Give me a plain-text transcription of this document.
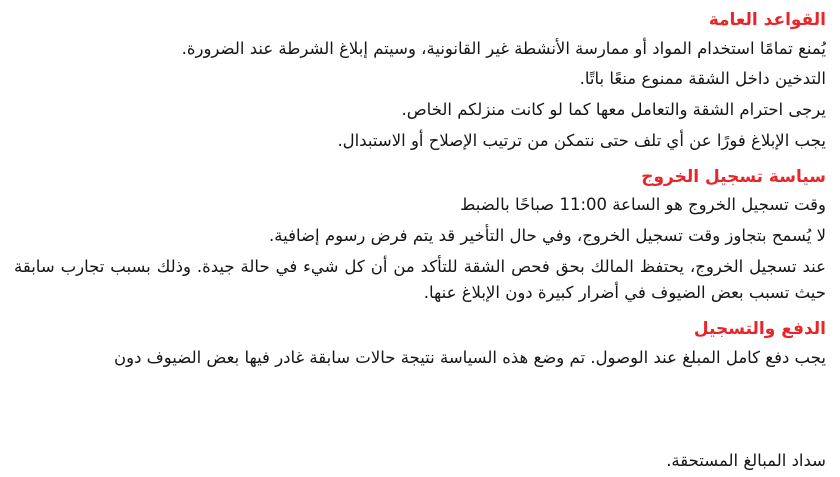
القواعد العامة
يُمنع تمامًا استخدام المواد أو ممارسة الأنشطة غير القانونية، وسيتم إبلاغ الشرطة عند الضرورة.
التدخين داخل الشقة ممنوع منعًا باتًا.
يرجى احترام الشقة والتعامل معها كما لو كانت منزلكم الخاص.
يجب الإبلاغ فورًا عن أي تلف حتى نتمكن من ترتيب الإصلاح أو الاستبدال.
سياسة تسجيل الخروج
وقت تسجيل الخروج هو الساعة 11:00 صباحًا بالضبط
لا يُسمح بتجاوز وقت تسجيل الخروج، وفي حال التأخير قد يتم فرض رسوم إضافية.
عند تسجيل الخروج، يحتفظ المالك بحق فحص الشقة للتأكد من أن كل شيء في حالة جيدة. وذلك بسبب تجارب سابقة حيث تسبب بعض الضيوف في أضرار كبيرة دون الإبلاغ عنها.
الدفع والتسجيل
يجب دفع كامل المبلغ عند الوصول. تم وضع هذه السياسة نتيجة حالات سابقة غادر فيها بعض الضيوف دون
سداد المبالغ المستحقة.
